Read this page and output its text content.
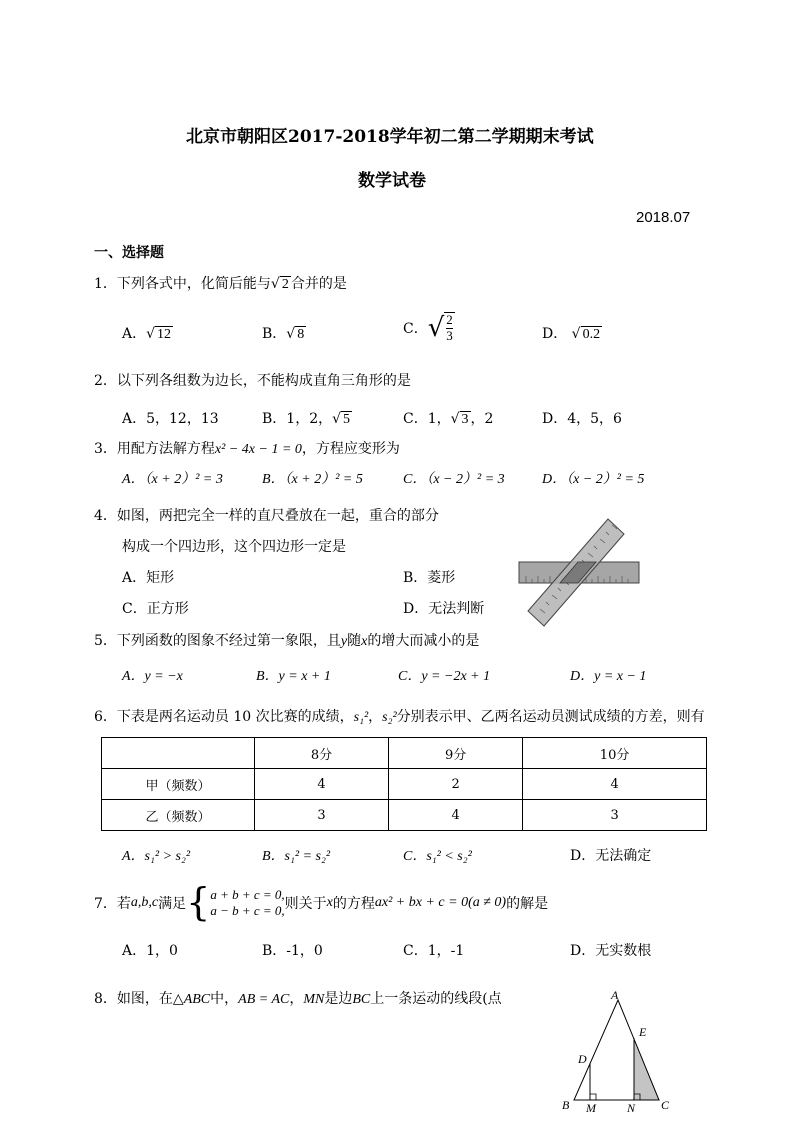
北京市朝阳区2017-2018学年初二第二学期期末考试
数学试卷
2018.07
一、选择题
1．下列各式中，化简后能与√ 2 合并的是
A．√ 12	B．√ 8	C．√ $\frac{2}{3}$	D． √ 0.2
2．以下列各组数为边长，不能构成直角三角形的是
A．5，12，13	B．1，2，√ 5	C．1，√ 3 ，2	D．4，5，6
3．用配方法解方程x² − 4x − 1 = 0，方程应变形为
A．（x + 2）² = 3	B．（x + 2）² = 5	C．（x − 2）² = 3	D．（x − 2）² = 5
4．如图，两把完全一样的直尺叠放在一起，重合的部分
构成一个四边形，这个四边形一定是
A．矩形	B．菱形
C．正方形	D．无法判断
5．下列函数的图象不经过第一象限，且y随x的增大而减小的是
A．y = −x	B．y = x + 1	C．y = −2x + 1	D．y = x − 1
6．下表是两名运动员 10 次比赛的成绩，s₁²，s₂²分别表示甲、乙两名运动员测试成绩的方差，则有
	8分	9分	10分
甲（频数）	4	2	4
乙（频数）	3	4	3
A．s₁² > s₂²	B．s₁² = s₂²	C．s₁² < s₂²	D．无法确定
7．若a,b,c满足{ a + b + c = 0,
a − b + c = 0, 则关于x的方程ax² + bx + c = 0(a ≠ 0)的解是
A．1，0	B．-1，0	C．1，-1	D．无实数根
8．如图，在△ABC中，AB = AC，MN是边BC上一条运动的线段(点	A
B	C
D
E
M	N
